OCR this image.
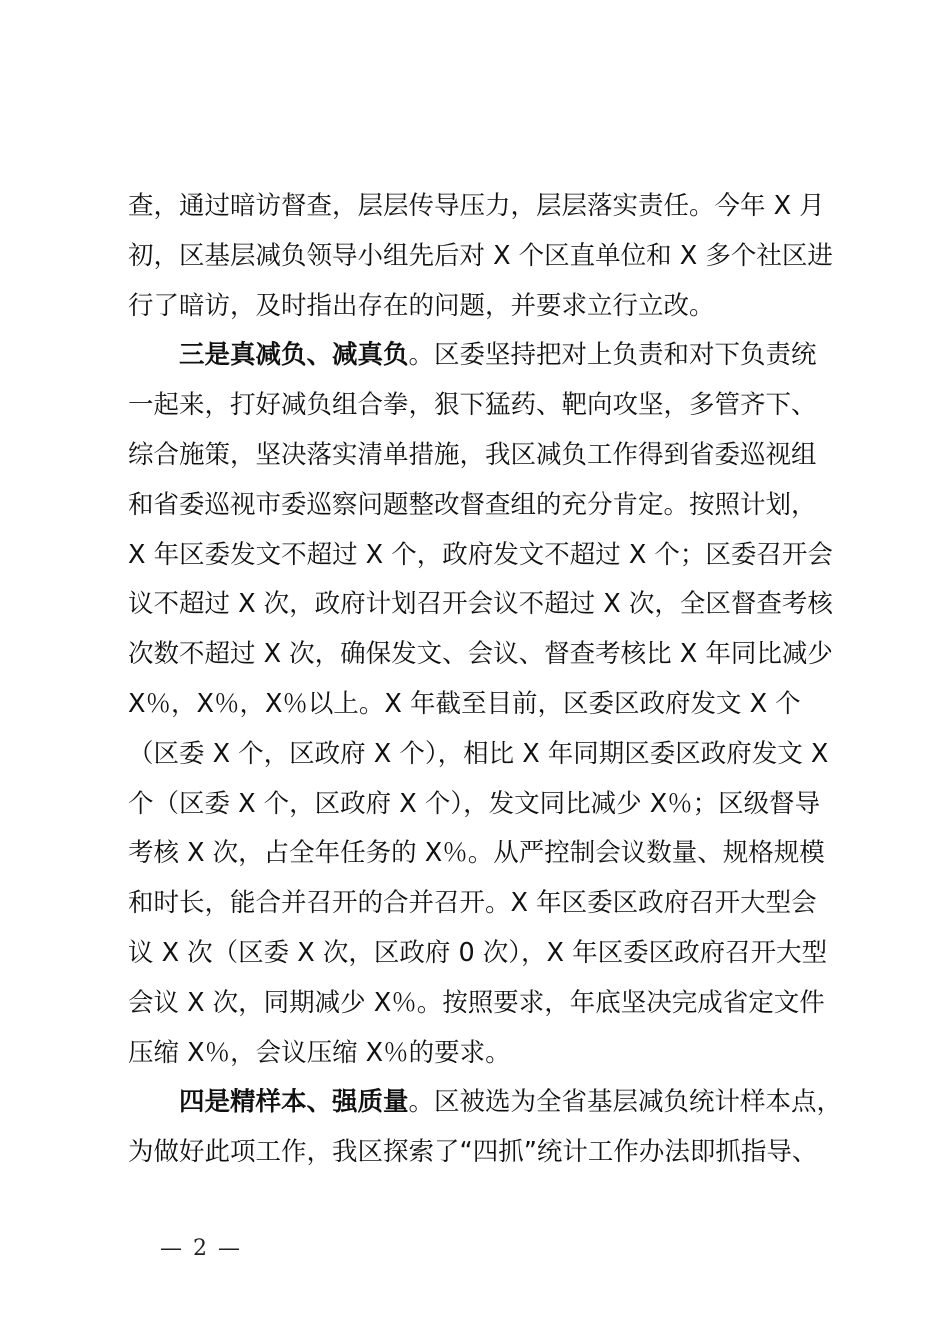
查，通过暗访督查，层层传导压力，层层落实责任。今年 X 月
初，区基层减负领导小组先后对 X 个区直单位和 X 多个社区进
行了暗访，及时指出存在的问题，并要求立行立改。
三是真减负、减真负。区委坚持把对上负责和对下负责统
一起来，打好减负组合拳，狠下猛药、靶向攻坚，多管齐下、
综合施策，坚决落实清单措施，我区减负工作得到省委巡视组
和省委巡视市委巡察问题整改督查组的充分肯定。按照计划，
X 年区委发文不超过 X 个，政府发文不超过 X 个；区委召开会
议不超过 X 次，政府计划召开会议不超过 X 次，全区督查考核
次数不超过 X 次，确保发文、会议、督查考核比 X 年同比减少
X％，X％，X％以上。X 年截至目前，区委区政府发文 X 个
（区委 X 个，区政府 X 个），相比 X 年同期区委区政府发文 X
个（区委 X 个，区政府 X 个），发文同比减少 X％；区级督导
考核 X 次，占全年任务的 X％。从严控制会议数量、规格规模
和时长，能合并召开的合并召开。X 年区委区政府召开大型会
议 X 次（区委 X 次，区政府 0 次），X 年区委区政府召开大型
会议 X 次，同期减少 X％。按照要求，年底坚决完成省定文件
压缩 X％，会议压缩 X％的要求。
四是精样本、强质量。区被选为全省基层减负统计样本点，
为做好此项工作，我区探索了“四抓”统计工作办法即抓指导、
— 2 —
